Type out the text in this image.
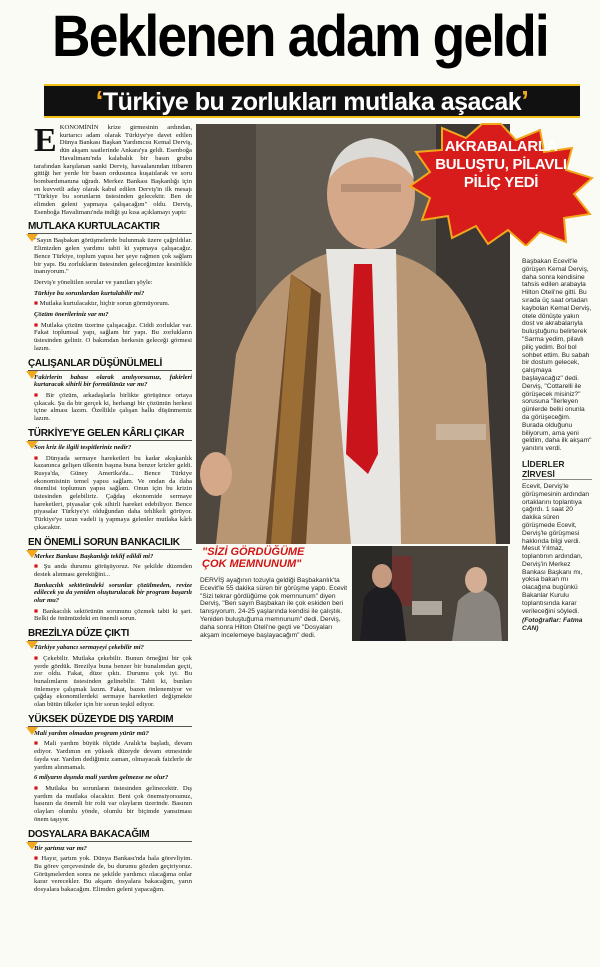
Beklenen adam geldi
‘Türkiye bu zorlukları mutlaka aşacak’

EKONOMİNİN krize girmesinin ardından, kurtarıcı adam olarak Türkiye'ye davet edilen Dünya Bankası Başkan Yardımcısı Kemal Derviş, dün akşam saatlerinde Ankara'ya geldi. Esenboğa Havalimanı'nda kalabalık bir basın grubu tarafından karşılanan sanki Derviş, havaalanından itibaren gittiği her yerde bir basın ordusunca kuşatılarak ve soru bombardımanına uğradı. Merkez Bankası Başkanlığı için en kuvvetli aday olarak kabul edilen Derviş'in ilk mesajı "Türkiye bu sorunların üstesinden gelecektir. Ben de elimden geleni yapmaya çalışacağım" oldu. Derviş, Esenboğa Havalimanı'nda indiği şu kısa açıklamayı yaptı:

MUTLAKA KURTULACAKTIR

"Sayın Başbakan görüşmelerde bulunmak üzere çağrıldılar. Elimizden gelen yardımı tabii ki yapmaya çalışacağız. Bence Türkiye, toplum yapısı her şeye rağmen çok sağlam bir yapı. Bu zorlukların üstesinden geleceğimize kesinlikle inanıyorum."

Derviş'e yöneltilen sorular ve yanıtları şöyle:

Türkiye bu sorunlardan kurtulabilir mi?

■ Mutlaka kurtulacaktır, hiçbir sorun görmüyorum.

Çözüm önerileriniz var mı?

■ Mutlaka çözüm üzerine çalışacağız. Ciddi zorluklar var. Fakat toplumsal yapı, sağlam bir yapı. Bu zorlukların üstesinden gelinir. O bakımdan herkesin geleceği görmesi lazım.

ÇALIŞANLAR DÜŞÜNÜLMELİ

Fakirlerin babası olarak anılıyorsunuz, fakirleri kurtaracak sihirli bir formülünüz var mı?

■ Bir çözüm, arkadaşlarla birlikte görüşünce ortaya çıkacak. Şu da bir gerçek ki, herhangi bir çözümün herkesi içine alması lazım. Özellikle çalışan halkı düşünmemiz lazım.

TÜRKİYE'YE GELEN KÂRLI ÇIKAR

Son kriz ile ilgili tespitleriniz nedir?

■ Dünyada sermaye hareketleri bu kadar akışkanlık kazanınca gelişen ülkenin başına buna benzer krizler geldi. Rusya'da, Güney Amerika'da... Bence Türkiye ekonomisinin temel yapısı sağlam. Ve ondan da daha önemlisi toplumun yapısı sağlam. Onun için bu krizin üstesinden gelebiliriz. Çağdaş ekonomide sermaye hareketleri, piyasalar çok sihirli hareket edebiliyor. Bence piyasalar Türkiye'yi olduğundan daha tehlikeli görüyor. Türkiye'ye uzun vadeli iş yapmaya gelenler mutlaka kârlı çıkacaktır.

EN ÖNEMLİ SORUN BANKACILIK

Merkez Bankası Başkanlığı teklif edildi mi?

■ Şu anda durumu görüşüyoruz. Ne şekilde düzenden destek alınması gerektiğini...

Bankacılık sektöründeki sorunlar çözülmeden, revize edilecek ya da yeniden oluşturulacak bir program başarılı olur mu?

■ Bankacılık sektörünün sorununu çözmek tabii ki şart. Belki de önümüzdeki en önemli sorun.

BREZİLYA DÜZE ÇIKTI

Türkiye yabancı sermayeyi çekebilir mi?

■ Çekebilir. Mutlaka çekebilir. Bunun örneğini bir çok yerde gördük. Brezilya buna benzer bir bunalımdan geçti, zor oldu. Fakat, düze çıktı. Durumu çok iyi. Bu bunalımların üstesinden gelinebilir. Tabii ki, bunları önlemeye çalışmak lazım. Fakat, bazen önlenemiyor ve çağdaş ekonomilerdeki sermaye hareketleri değişmekte olan bütün ülkeler için bir sorun teşkil ediyor.

YÜKSEK DÜZEYDE DIŞ YARDIM

Mali yardım olmadan program yürür mü?

■ Mali yardım büyük ölçüde Aralık'ta başladı, devam ediyor. Yardımın en yüksek düzeyde devam etmesinde fayda var. Yardım dediğimiz zaman, olmayacak faizlerle de yardım alınmamalı.

6 milyarın dışında mali yardım gelmezse ne olur?

■ Mutlaka bu sorunların üstesinden gelinecektir. Dış yardım da mutlaka olacaktır. Beni çok önemsiyorsunuz, basının da önemli bir rolü var olayların üzerinde. Basının olayları olumlu yönde, olumlu bir biçimde yansıtması önem taşıyor.

DOSYALARA BAKACAĞIM

Bir şartınız var mı?

■ Hayır, şartım yok. Dünya Bankası'nda hala görevliyim. Bu görev çerçevesinde de, bu durumu gözden geçiriyoruz. Görüşmelerden sonra ne şekilde yardımcı olacağıma onlar karar verecekler. Bu akşam dosyalara bakacağım, yarın dosyalara bakacağım. Elimden geleni yapacağım.

AKRABALARLA
BULUŞTU, PİLAVLI
PİLİÇ YEDİ
"SİZİ GÖRDÜĞÜME
ÇOK MEMNUNUM"
DERVİŞ ayağının tozuyla geldiği Başbakanlık'ta Ecevit'le 55 dakika süren bir görüşme yaptı. Ecevit "Sizi tekrar gördüğüme çok memnunum" diyen Derviş, "Ben sayın Başbakan ile çok eskiden beri tanışıyorum. 24-25 yaşlarında kendisi ile çalıştık. Yeniden buluştuğuma memnunum" dedi. Derviş, daha sonra Hilton Oteli'ne geçti ve "Dosyaları akşam incelemeye başlayacağım" dedi.

Başbakan Ecevit'le görüşen Kemal Derviş, daha sonra kendisine tahsis edilen arabayla Hilton Oteli'ne gitti. Bu sırada üç saat ortadan kaybolan Kemal Derviş, otele dönüşte yakın dost ve akrabalarıyla buluştuğunu belirterek "Sarma yedim, pilavlı piliç yedim. Bol bol sohbet ettim. Bu sabah bir dostum gelecek, çalışmaya başlayacağız" dedi. Derviş, "Cottarelli ile görüşecek misiniz?" sorusuna "İlerleyen günlerde belki onunla da görüşeceğim. Burada olduğunu biliyorum, ama yeni geldim, daha ilk akşam" yanıtını verdi.

LİDERLER ZİRVESİ

Ecevit, Derviş'le görüşmesinin ardından ortaklarını toplantıya çağırdı. 1 saat 20 dakika süren görüşmede Ecevit, Derviş'le görüşmesi hakkında bilgi verdi. Mesut Yılmaz, toplantının ardından, Derviş'in Merkez Bankası Başkanı mı, yoksa bakan mı olacağına bugünkü Bakanlar Kurulu toplantısında karar verileceğini söyledi.

(Fotoğraflar: Fatma CAN)
